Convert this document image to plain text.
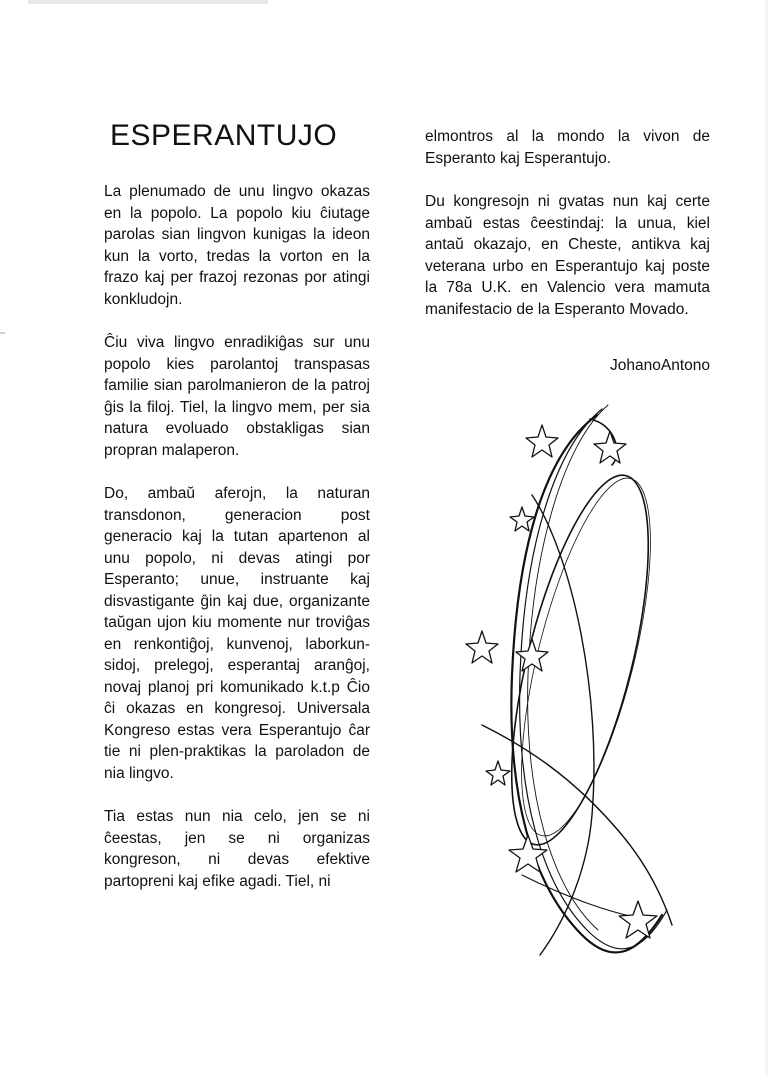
ESPERANTUJO

La plenumado de unu lingvo okazas en la popolo. La popolo kiu ĉiutage parolas sian lingvon kunigas la ideon kun la vorto, tredas la vorton en la frazo kaj per frazoj rezonas por atingi konkludojn.

Ĉiu viva lingvo enradikiĝas sur unu popolo kies parolantoj transpasas familie sian parolmanieron de la patroj ĝis la filoj. Tiel, la lingvo mem, per sia natura evoluado obstakligas sian propran malaperon.

Do, ambaŭ aferojn, la naturan transdonon, generacion post generacio kaj la tutan apartenon al unu popolo, ni devas atingi por Esperanto; unue, instruante kaj disvastigante ĝin kaj due, organizante taŭgan ujon kiu momente nur troviĝas en renkontiĝoj, kunvenoj, laborkun-sidoj, prelegoj, esperantaj aranĝoj, novaj planoj pri komunikado k.t.p Ĉio ĉi okazas en kongresoj. Universala Kongreso estas vera Esperantujo ĉar tie ni plen-praktikas la paroladon de nia lingvo.

Tia estas nun nia celo, jen se ni ĉeestas, jen se ni organizas kongreson, ni devas efektive partopreni kaj efike agadi. Tiel, ni

elmontros al la mondo la vivon de Esperanto kaj Esperantujo.

Du kongresojn ni gvatas nun kaj certe ambaŭ estas ĉeestindaj: la unua, kiel antaŭ okazajo, en Cheste, antikva kaj veterana urbo en Esperantujo kaj poste la 78a U.K. en Valencio vera mamuta manifestacio de la Esperanto Movado.

JohanoAntono
